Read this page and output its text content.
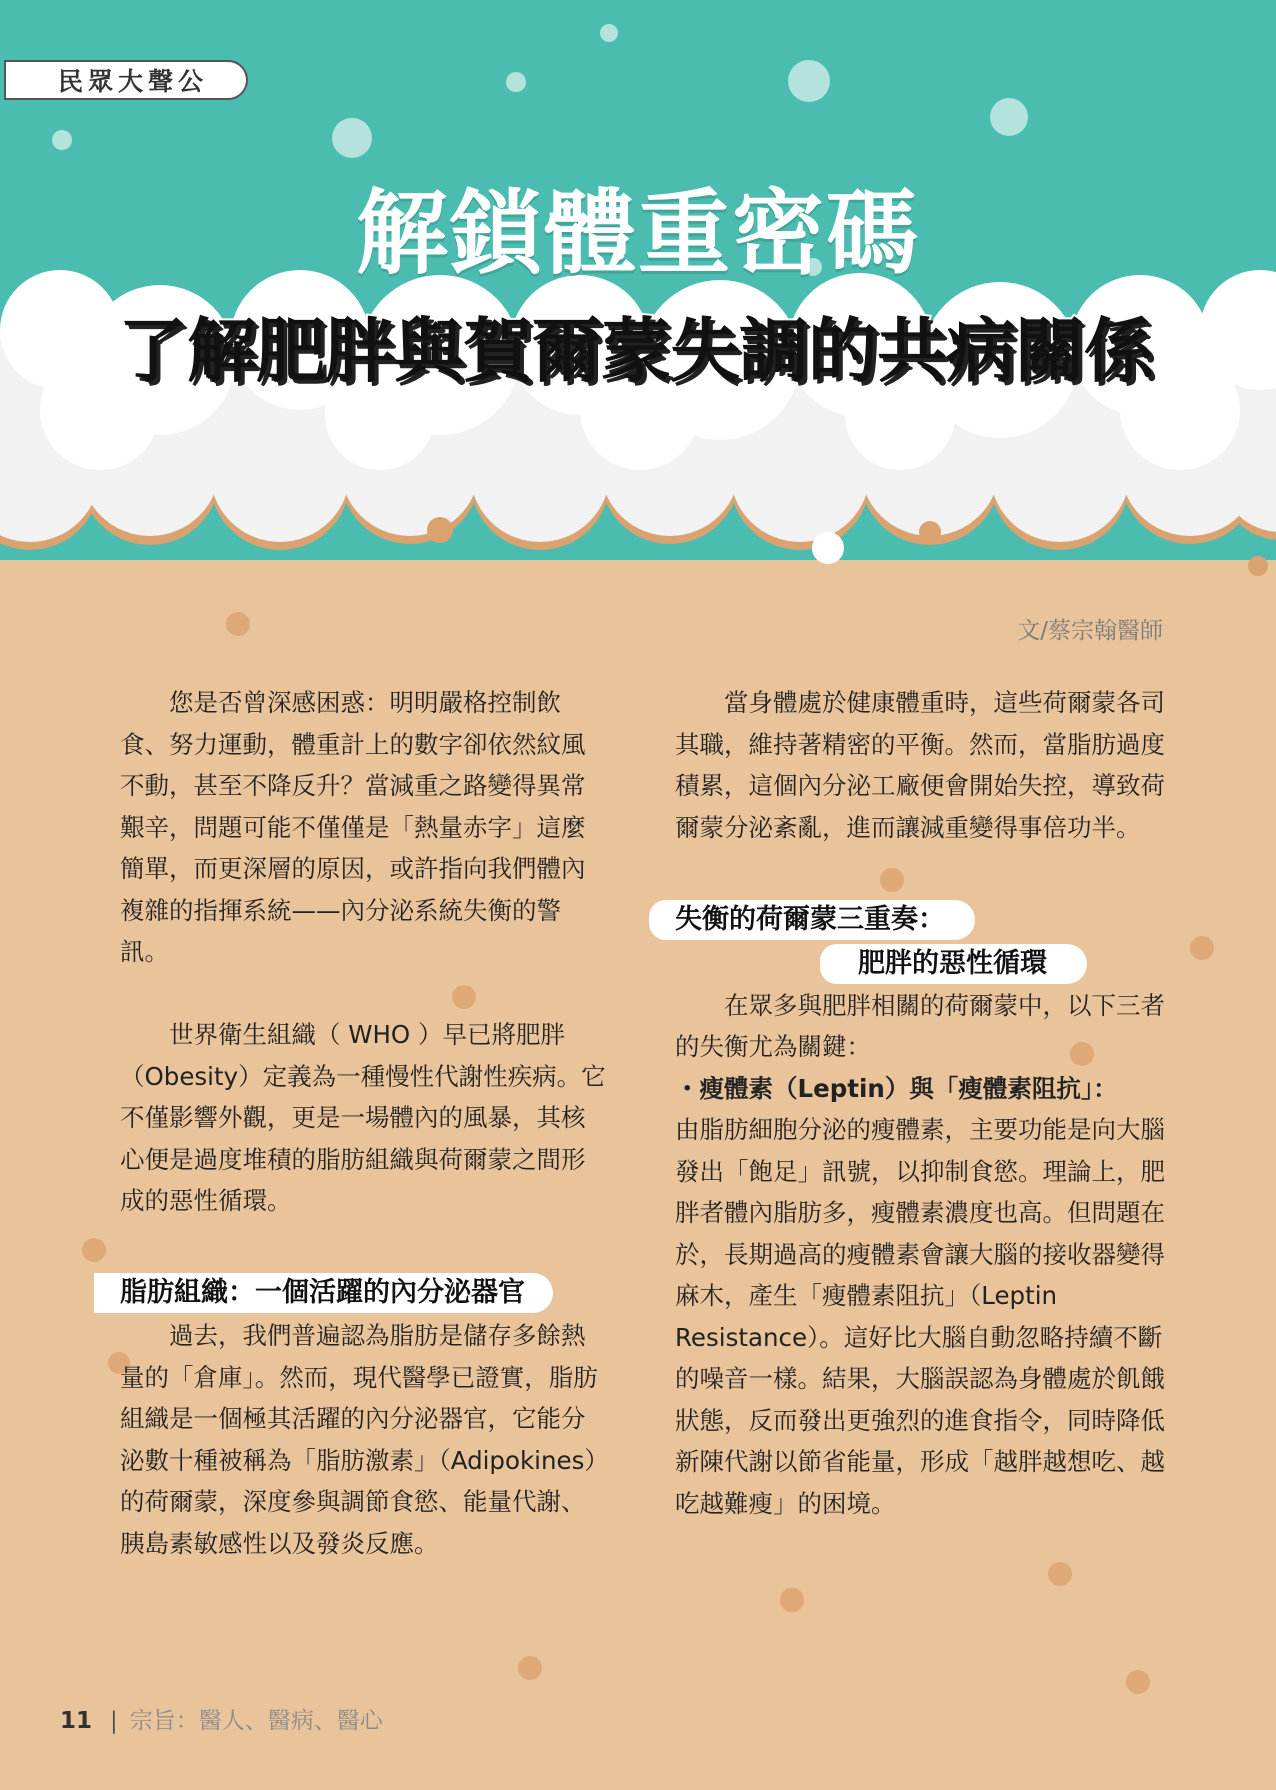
民眾大聲公
解鎖體重密碼
了解肥胖與賀爾蒙失調的共病關係
文/蔡宗翰醫師

您是否曾深感困惑：明明嚴格控制飲食、努力運動，體重計上的數字卻依然紋風不動，甚至不降反升？當減重之路變得異常艱辛，問題可能不僅僅是「熱量赤字」這麼簡單，而更深層的原因，或許指向我們體內複雜的指揮系統——內分泌系統失衡的警訊。

世界衛生組織（ WHO ）早已將肥胖（Obesity）定義為一種慢性代謝性疾病。它不僅影響外觀，更是一場體內的風暴，其核心便是過度堆積的脂肪組織與荷爾蒙之間形成的惡性循環。

脂肪組織：一個活躍的內分泌器官

過去，我們普遍認為脂肪是儲存多餘熱量的「倉庫」。然而，現代醫學已證實，脂肪組織是一個極其活躍的內分泌器官，它能分泌數十種被稱為「脂肪激素」（Adipokines）的荷爾蒙，深度參與調節食慾、能量代謝、胰島素敏感性以及發炎反應。

當身體處於健康體重時，這些荷爾蒙各司其職，維持著精密的平衡。然而，當脂肪過度積累，這個內分泌工廠便會開始失控，導致荷爾蒙分泌紊亂，進而讓減重變得事倍功半。

失衡的荷爾蒙三重奏：
肥胖的惡性循環

在眾多與肥胖相關的荷爾蒙中，以下三者的失衡尤為關鍵：

・瘦體素（Leptin）與「瘦體素阻抗」：
由脂肪細胞分泌的瘦體素，主要功能是向大腦發出「飽足」訊號，以抑制食慾。理論上，肥胖者體內脂肪多，瘦體素濃度也高。但問題在於，長期過高的瘦體素會讓大腦的接收器變得麻木，產生「瘦體素阻抗」（Leptin Resistance）。這好比大腦自動忽略持續不斷的噪音一樣。結果，大腦誤認為身體處於飢餓狀態，反而發出更強烈的進食指令，同時降低新陳代謝以節省能量，形成「越胖越想吃、越吃越難瘦」的困境。
11 | 宗旨：醫人、醫病、醫心
